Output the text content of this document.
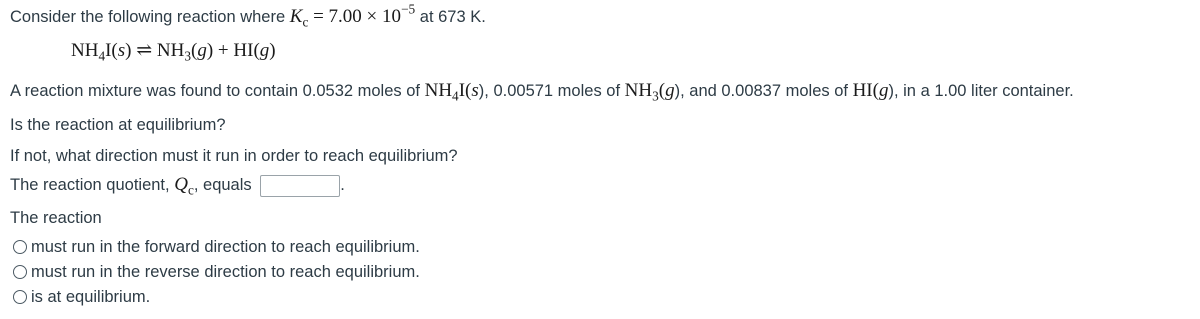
Consider the following reaction where $K_c = 7.00 \times 10^{-5}$ at 673 K.
$NH_4I(s)$ ⇌ $NH_3(g) + HI(g)$
A reaction mixture was found to contain 0.0532 moles of $NH_4I(s)$, 0.00571 moles of $NH_3(g)$, and 0.00837 moles of HI(g), in a 1.00 liter container.
Is the reaction at equilibrium?
If not, what direction must it run in order to reach equilibrium?
The reaction quotient, $Q_c$, equals	.
The reaction
must run in the forward direction to reach equilibrium.
must run in the reverse direction to reach equilibrium.
is at equilibrium.
